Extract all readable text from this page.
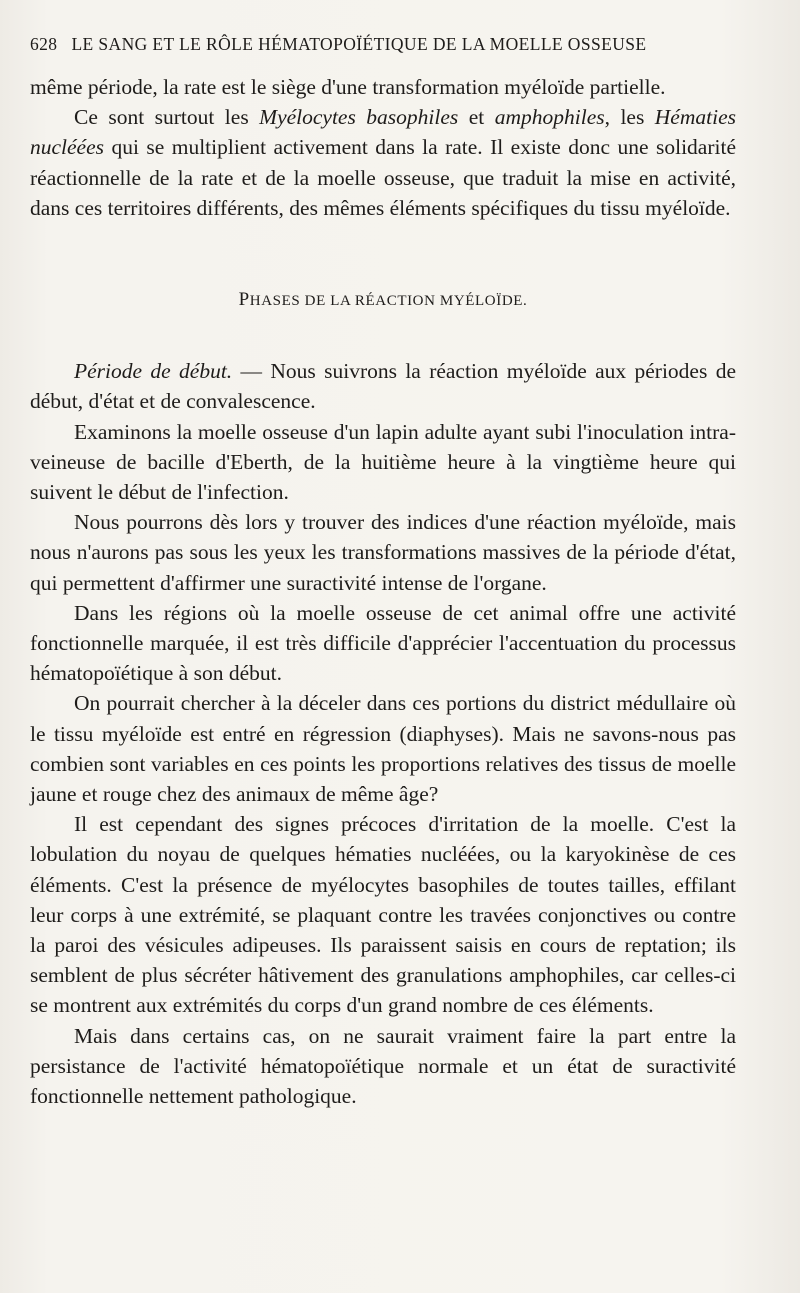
628 LE SANG ET LE RÔLE HÉMATOPOÏÉTIQUE DE LA MOELLE OSSEUSE

même période, la rate est le siège d'une transformation myéloïde partielle.

Ce sont surtout les Myélocytes basophiles et amphophiles, les Hématies nucléées qui se multiplient activement dans la rate. Il existe donc une solidarité réactionnelle de la rate et de la moelle osseuse, que traduit la mise en activité, dans ces territoires différents, des mêmes éléments spécifiques du tissu myéloïde.

PHASES DE LA RÉACTION MYÉLOÏDE.

Période de début. — Nous suivrons la réaction myéloïde aux périodes de début, d'état et de convalescence.

Examinons la moelle osseuse d'un lapin adulte ayant subi l'inoculation intra-veineuse de bacille d'Eberth, de la huitième heure à la vingtième heure qui suivent le début de l'infection.

Nous pourrons dès lors y trouver des indices d'une réaction myéloïde, mais nous n'aurons pas sous les yeux les transformations massives de la période d'état, qui permettent d'affirmer une suractivité intense de l'organe.

Dans les régions où la moelle osseuse de cet animal offre une activité fonctionnelle marquée, il est très difficile d'apprécier l'accentuation du processus hématopoïétique à son début.

On pourrait chercher à la déceler dans ces portions du district médullaire où le tissu myéloïde est entré en régression (diaphyses). Mais ne savons-nous pas combien sont variables en ces points les proportions relatives des tissus de moelle jaune et rouge chez des animaux de même âge?

Il est cependant des signes précoces d'irritation de la moelle. C'est la lobulation du noyau de quelques hématies nucléées, ou la karyokinèse de ces éléments. C'est la présence de myélocytes basophiles de toutes tailles, effilant leur corps à une extrémité, se plaquant contre les travées conjonctives ou contre la paroi des vésicules adipeuses. Ils paraissent saisis en cours de reptation; ils semblent de plus sécréter hâtivement des granulations amphophiles, car celles-ci se montrent aux extrémités du corps d'un grand nombre de ces éléments.

Mais dans certains cas, on ne saurait vraiment faire la part entre la persistance de l'activité hématopoïétique normale et un état de suractivité fonctionnelle nettement pathologique.
